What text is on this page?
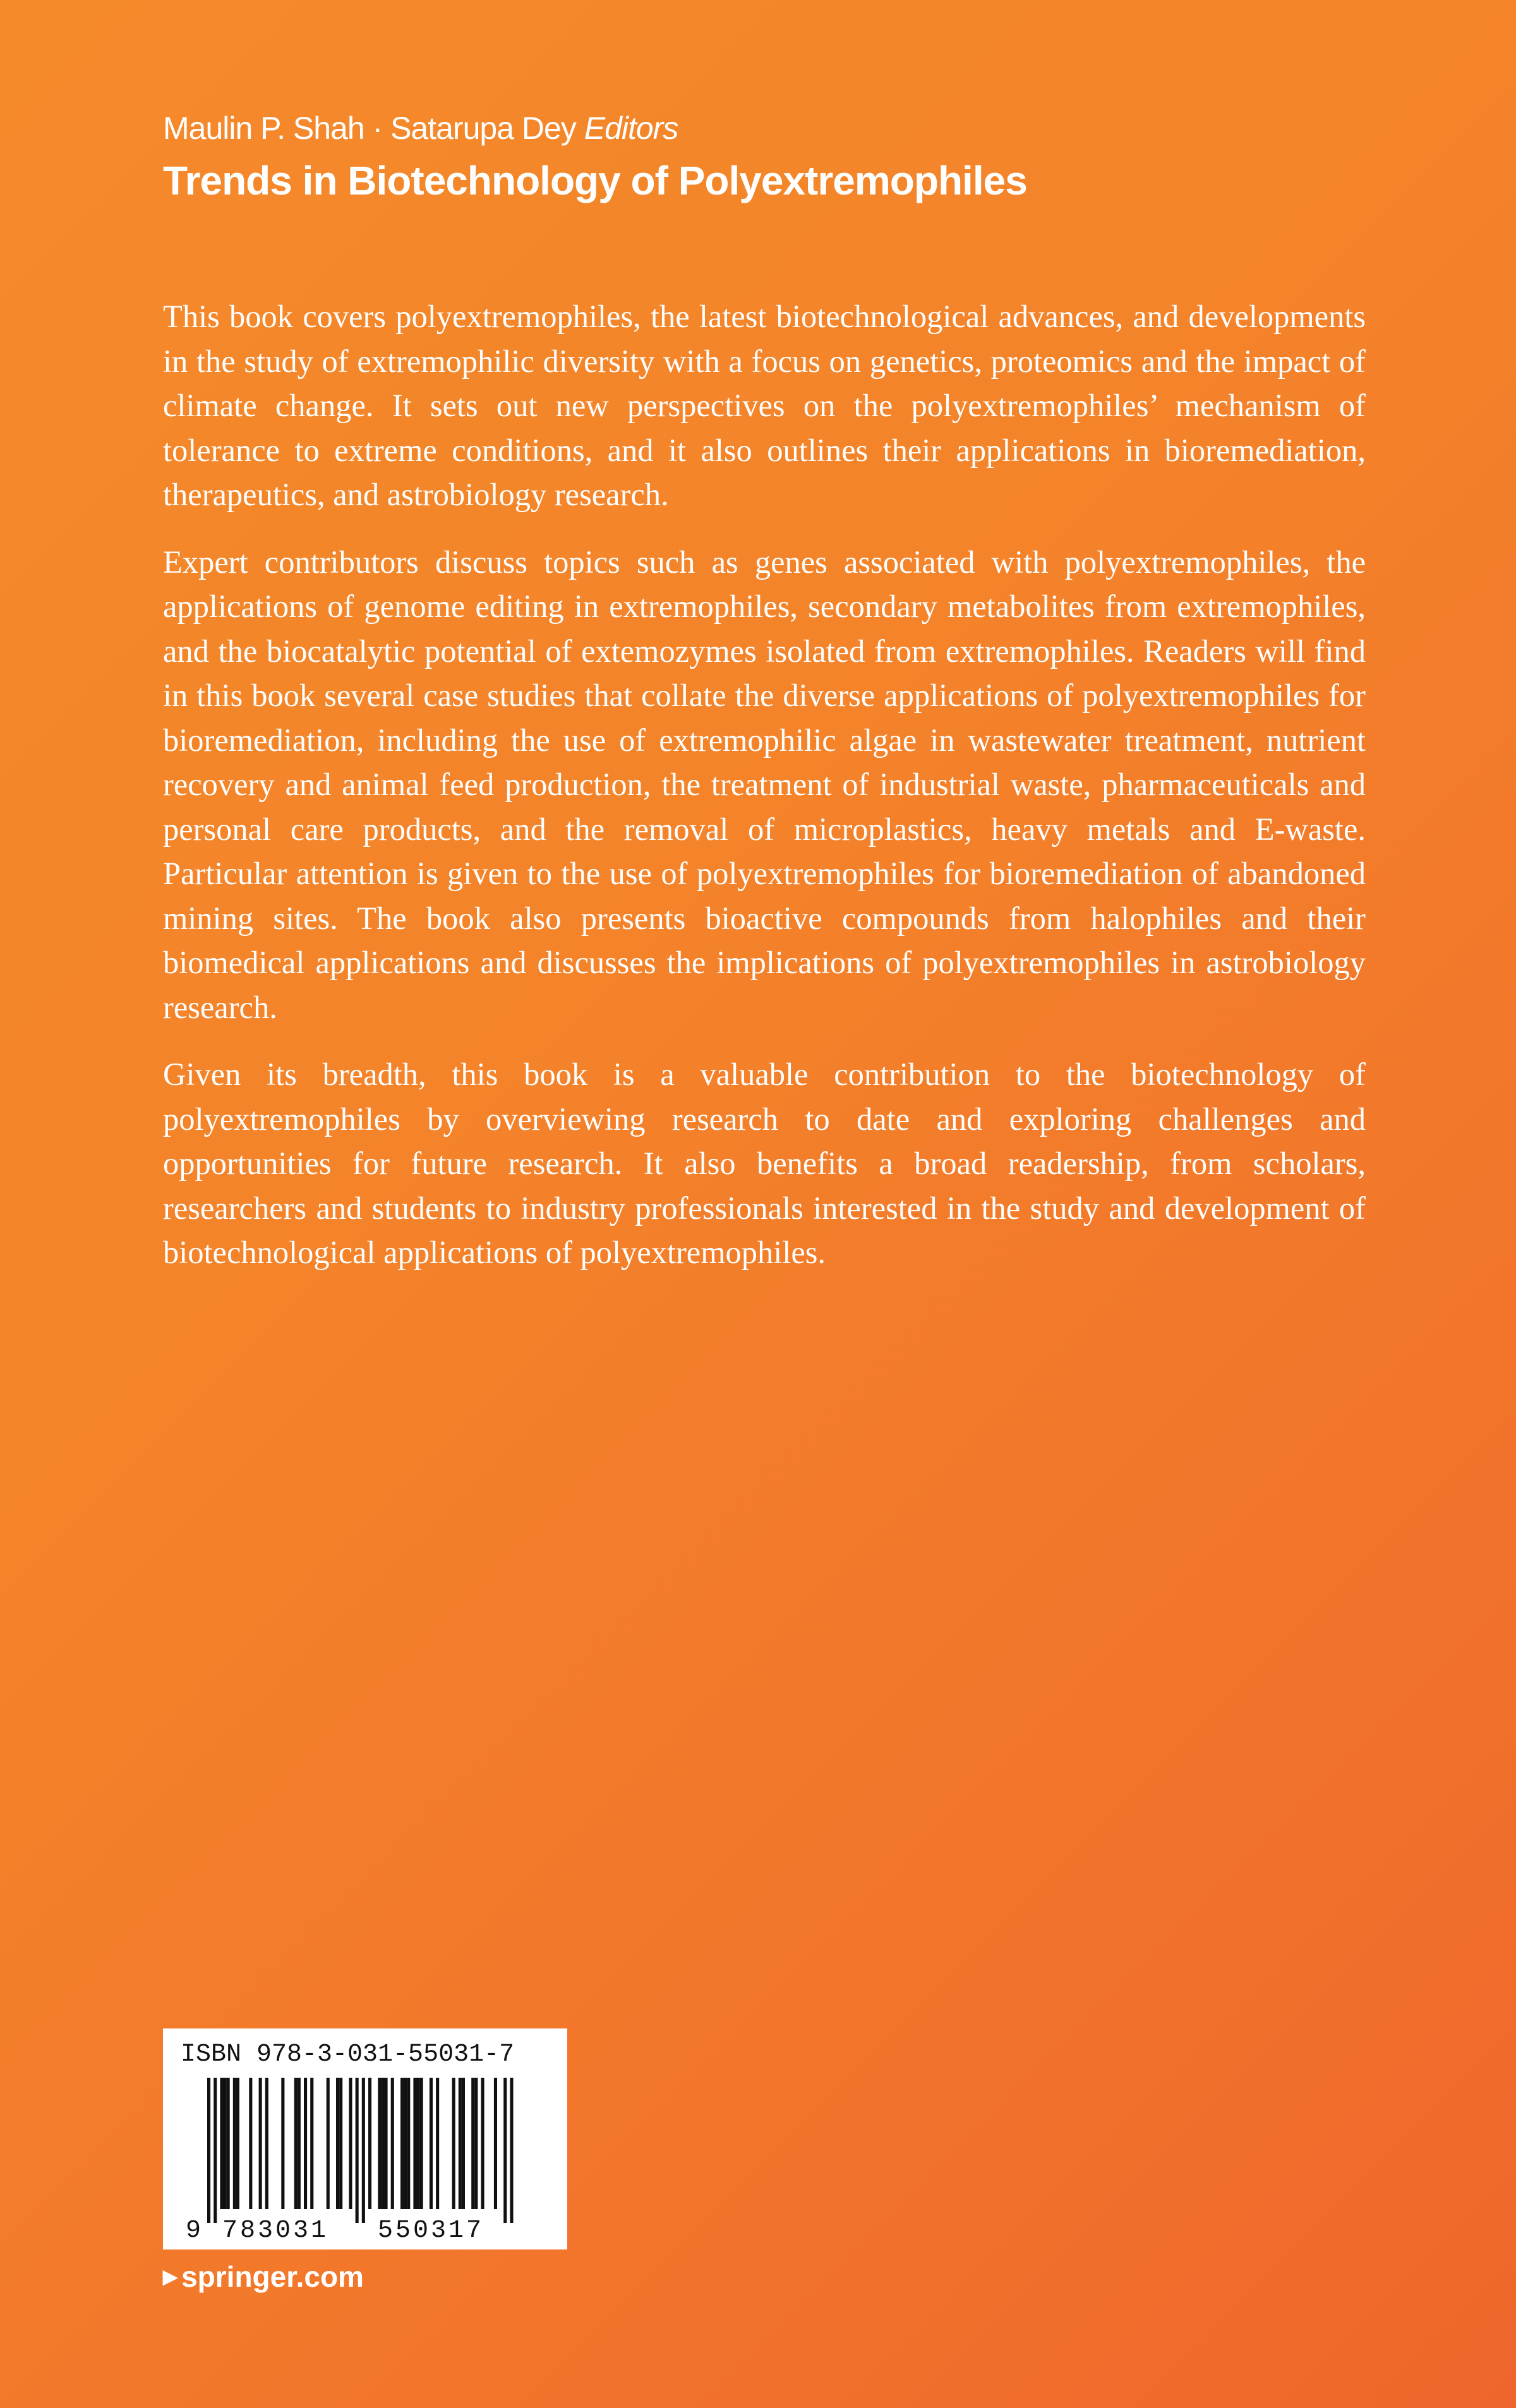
Maulin P. Shah · Satarupa Dey Editors
Trends in Biotechnology of Polyextremophiles

This book covers polyextremophiles, the latest biotechnological advances, and developments in the study of extremophilic diversity with a focus on genetics, proteomics and the impact of climate change. It sets out new perspectives on the polyextremophiles’ mechanism of tolerance to extreme conditions, and it also outlines their applications in bioremediation, therapeutics, and astrobiology research.

Expert contributors discuss topics such as genes associated with polyextremophiles, the applications of genome editing in extremophiles, secondary metabolites from extremophiles, and the biocatalytic potential of extemozymes isolated from extremophiles. Readers will find in this book several case studies that collate the diverse applications of polyextremophiles for bioremediation, including the use of extremophilic algae in wastewater treatment, nutrient recovery and animal feed production, the treatment of industrial waste, pharmaceuticals and personal care products, and the removal of microplastics, heavy metals and E-waste. Particular attention is given to the use of polyextremophiles for bioremediation of abandoned mining sites. The book also presents bioactive compounds from halophiles and their biomedical applications and discusses the implications of polyextremophiles in astrobiology research.

Given its breadth, this book is a valuable contribution to the biotechnology of polyextremophiles by overviewing research to date and exploring challenges and opportunities for future research. It also benefits a broad readership, from scholars, researchers and students to industry professionals interested in the study and development of biotechnological applications of polyextremophiles.

ISBN 978-3-031-55031-7
9 783031 550317
▶ springer.com
